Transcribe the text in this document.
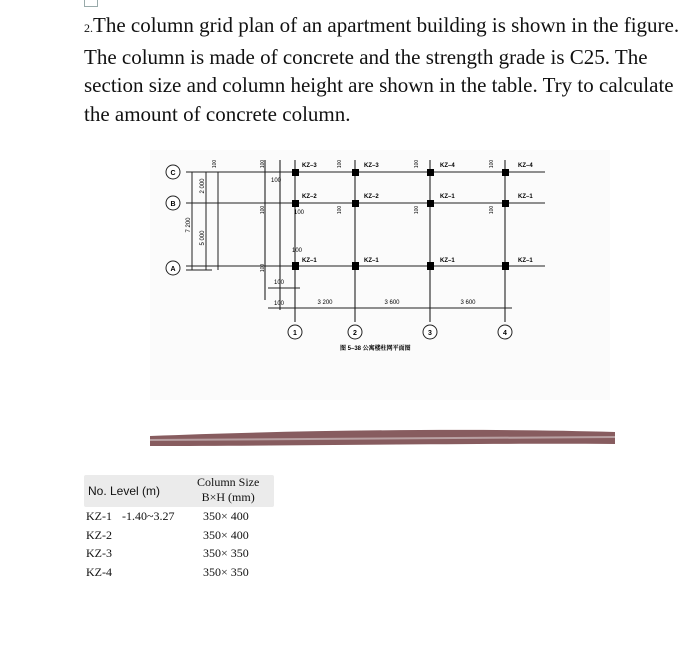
2.The column grid plan of an apartment building is shown in the figure. The column is made of concrete and the strength grade is C25. The section size and column height are shown in the table. Try to calculate the amount of concrete column.
C
B
A
1	2	3	4
KZ–3	KZ–3	KZ–4	KZ–4
KZ–2	KZ–2	KZ–1	KZ–1
KZ–1	KZ–1	KZ–1	KZ–1
7 200
2 000
5 000
100	100	100	100	100
100	100	100	100
100
100
100
100
100
100	3 200	3 600	3 600
图 5–38 公寓楼柱网平面图
No. Level (m)
Column Size
B×H (mm)
KZ-1 -1.40~3.27 350× 400
KZ-2	350× 400
KZ-3	350× 350
KZ-4	350× 350
